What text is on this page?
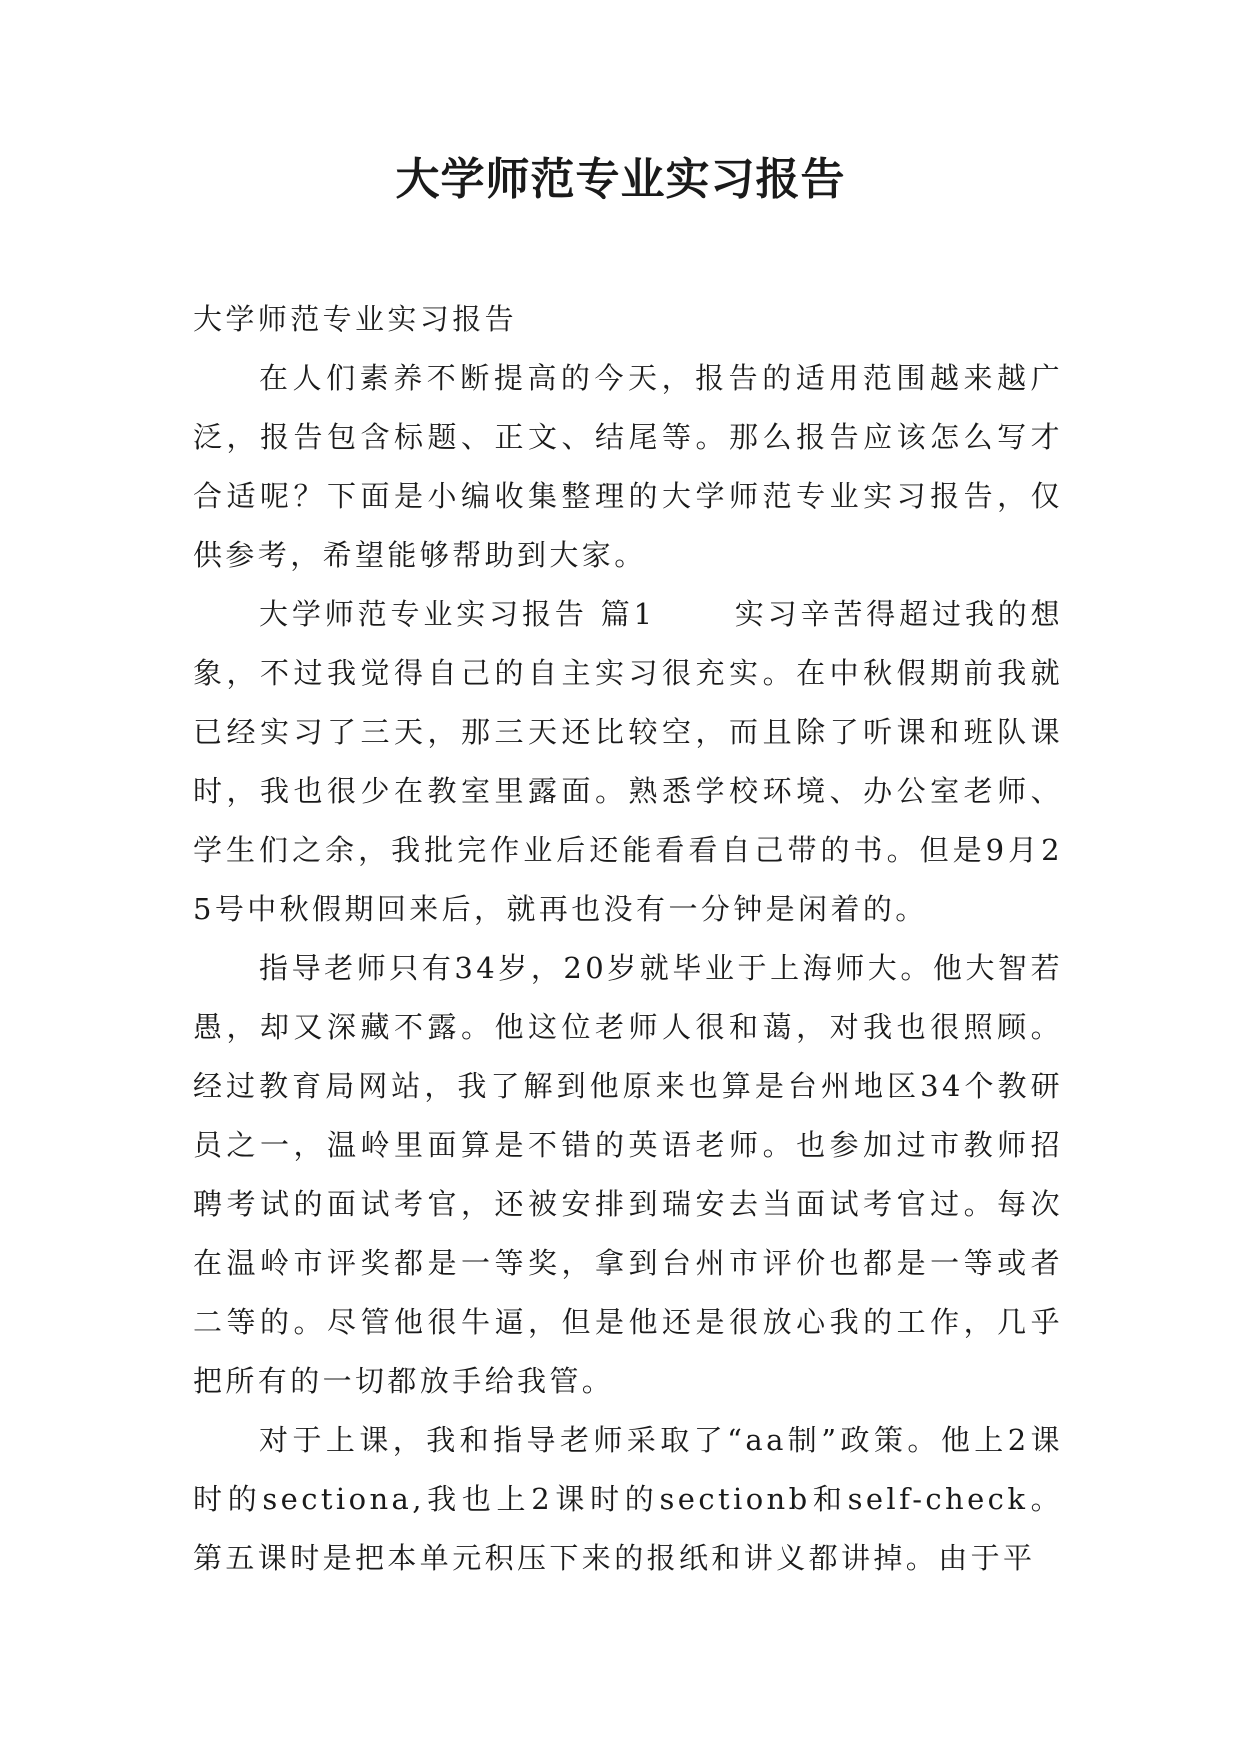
大学师范专业实习报告

大学师范专业实习报告

在人们素养不断提高的今天，报告的适用范围越来越广泛，报告包含标题、正文、结尾等。那么报告应该怎么写才合适呢？下面是小编收集整理的大学师范专业实习报告，仅供参考，希望能够帮助到大家。

大学师范专业实习报告 篇1　　 实习辛苦得超过我的想象，不过我觉得自己的自主实习很充实。在中秋假期前我就已经实习了三天，那三天还比较空，而且除了听课和班队课时，我也很少在教室里露面。熟悉学校环境、办公室老师、学生们之余，我批完作业后还能看看自己带的书。但是9月25号中秋假期回来后，就再也没有一分钟是闲着的。

指导老师只有34岁，20岁就毕业于上海师大。他大智若愚，却又深藏不露。他这位老师人很和蔼，对我也很照顾。经过教育局网站，我了解到他原来也算是台州地区34个教研员之一，温岭里面算是不错的英语老师。也参加过市教师招聘考试的面试考官，还被安排到瑞安去当面试考官过。每次在温岭市评奖都是一等奖，拿到台州市评价也都是一等或者二等的。尽管他很牛逼，但是他还是很放心我的工作，几乎把所有的一切都放手给我管。

对于上课，我和指导老师采取了“aa制”政策。他上2课时的sectiona,我也上2课时的sectionb和self-check。第五课时是把本单元积压下来的报纸和讲义都讲掉。由于平
